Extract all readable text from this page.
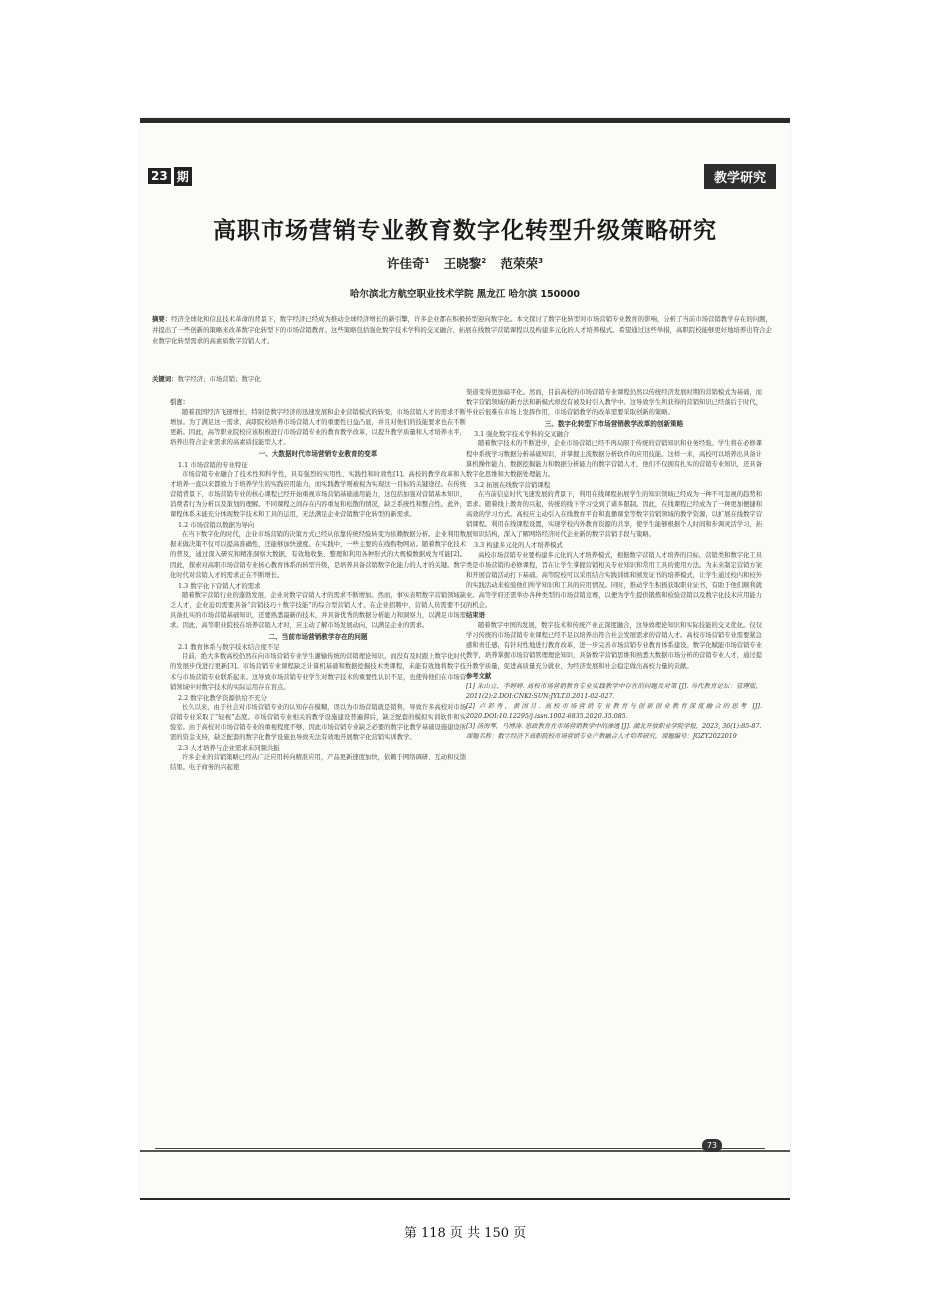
23 期	教学研究
高职市场营销专业教育数字化转型升级策略研究
许佳奇$^1$ 王晓黎$^2$ 范荣荣$^3$
哈尔滨北方航空职业技术学院 黑龙江 哈尔滨 150000
摘要：经济全球化和信息技术革命的背景下，数字经济已经成为推动全球经济增长的新引擎，许多企业都在积极转型迎向数字化。本文探讨了数字化转型对市场营销专业教育的影响，分析了当前市场营销教学存在的问题，并提出了一些创新的策略来改革数字化转型下的市场营销教育。这些策略包括强化数字技术学科的交叉融合、拓展在线数字营销课程以及构建多元化的人才培养模式。希望通过这些举措，高职院校能够更好地培养出符合企业数字化转型需求的高素质数字营销人才。
关键词：数字经济；市场营销；数字化

引言：

随着我国经济飞速增长，特别是数字经济的迅速发展和企业营销模式的转变，市场营销人才的需求不断增加。为了满足这一需求，高职院校培养市场营销人才的重要性日益凸显，并且对他们的技能要求也在不断更新。因此，高等职业院校应该积极进行市场营销专业的教育教学改革，以提升教学质量和人才培养水平，培养出符合企业需求的高素质技能型人才。

一、大数据时代市场营销专业教育的变革

1.1 市场营销的专业特征

市场营销专业融合了技术性和科学性，具有强烈的实用性、实践性和时效性[1]。高校的教学改革和人才培养一直以来都致力于培养学生的实践应用能力，而实践教学则被视为实现这一目标的关键途径。在传统营销背景下，市场营销专业的核心课程已经开始重视市场营销基础通用能力，这包括加强对营销基本知识、消费者行为分析以及策划的理解。不同课程之间存在内容重复和松散的情况，缺乏系统性和整合性。此外，课程体系未能充分体现数字技术和工具的运用，无法满足企业营销数字化转型的新需求。

1.2 市场营销以数据为导向

在当下数字化的时代，企业市场营销的决策方式已经从依靠传统经验转变为依赖数据分析。企业利用数据来做决策不仅可以提高准确性，还能够加快速度。在实践中，一些主要的在线购物网站。随着数字化技术的普及，通过深入研究和精准洞察大数据，有效地收集、整理和利用各种形式的大规模数据成为可能[2]。因此，探索对高职市场营销专业核心教育体系的转型升级，是培养具备营销数字化能力的人才的关键。数字化时代对营销人才的需求正在不断增长。

1.3 数字化下营销人才的需求

随着数字营销行业的蓬勃发展，企业对数字营销人才的需求不断增加。然而，事实表明数字营销领域缺乏人才，企业迫切需要具备“营销技巧＋数字技能”的综合型营销人才。在企业招聘中，营销人员需要不仅具备扎实的市场营销基础知识，还要熟悉最新的技术，并具备优秀的数据分析能力和洞察力，以满足市场需求。因此，高等职业院校在培养营销人才时，应主动了解市场发展动向，以满足企业的需求。

二、当前市场营销教学存在的问题

2.1 教育体系与数字技术结合度不足

目前，绝大多数高校仍然在向市场营销专业学生灌输传统的营销理论知识，而没有及时跟上数字化时代的发展步伐进行更新[3]。市场营销专业课程缺乏计算机基础和数据挖掘技术类课程，未能有效地将数字技术与市场营销专业联系起来。这导致市场营销专业学生对数字技术的重要性认识不足，也使得他们在市场营销领域中对数字技术的实际运用存在盲点。

2.2 数字化教学资源供给不充分

长久以来，由于社会对市场营销专业的认知存在模糊，误以为市场营销就是销售，导致许多高校对市场营销专业采取了“轻视”态度。市场营销专业相关的教学设施建设普遍滞后，缺乏配套的模拟实训软件和实验室。由于高校对市场营销专业的重视程度不够，因此市场营销专业缺乏必要的数字化教学基础设施建设所需的资金支持，缺乏配套的数字化教学设施也导致无法有效地开展数字化营销实训教学。

2.3 人才培养与企业需求未同频共振

许多企业的营销策略已经从广泛应用转向精准应用，产品更新速度加快，依赖于网络调研、互动和反馈结果。电子商务的兴起使

渠道变得更加扁平化。然而，目前高校的市场营销专业课程仍然以传统经济发展时期的营销模式为基础，而数字营销领域的新方法和新模式却没有被及时引入教学中。这导致学生所获得的营销知识已经落后于时代，毕业后很难在市场上发挥作用，市场营销教学的改革需要采取创新的策略。

三、数字化转型下市场营销教学改革的创新策略

3.1 强化数字技术学科的交叉融合

随着数字技术的不断进步，企业市场营销已经不再局限于传统的营销知识和业务经验。学生将在必修课程中系统学习数据分析基础知识，并掌握主流数据分析软件的应用技能。这样一来，高校可以培养出具备计算机操作能力、数据挖掘能力和数据分析能力的数字营销人才，他们不仅拥有扎实的营销专业知识，还具备数字化思维和大数据处理能力。

3.2 拓展在线数字营销课程

在当前信息时代飞速发展的背景下，利用在线课程拓展学生的知识领域已经成为一种不可忽视的趋势和需求。随着线上教育的兴起，传统的线下学习受到了诸多限制。因此，在线课程已经成为了一种更加便捷和高效的学习方式。高校应主动引入在线教育平台和直播课堂等数字营销领域的教学资源，以扩展在线数字营销课程。利用在线课程设置，实现学校内外教育资源的共享，使学生能够根据个人时间和步调灵活学习，拓展知识结构，深入了解网络经济时代企业新的数字营销手段与策略。

3.3 构建多元化的人才培养模式

高校市场营销专业要构建多元化的人才培养模式，根据数字营销人才培养的目标，营销类和数字化工具类是市场营销的必修课程，旨在让学生掌握营销相关专业知识和常用工具的使用方法。为未来制定营销方案和开展营销活动打下基础。高等院校可以采用结合实践训练和颁发证书的培养模式，让学生通过校内和校外的实践活动来检验他们所学知识和工具的应用情况。同时，推动学生积极获取职业证书，有助于他们顺利就业。高等学府还需举办各种类型的市场营销竞赛，以便为学生提供锻炼和检验营销以及数字化技术应用能力的机会。

结束语

随着数字中国的发展，数字技术和传统产业正深度融合，这导致理论知识和实际技能的交叉优化。仅仅学习传统的市场营销专业课程已经不足以培养出符合社会发展需求的营销人才。高校市场营销专业需要紧急感和责任感，有针对性地进行教育改革，进一步完善市场营销专业教育体系建设。数字化赋能市场营销专业教学，培养掌握市场营销管理理论知识、具备数字营销思维和熟悉大数据市场分析的营销专业人才，通过提升教学质量，促进高质量充分就业，为经济发展和社会稳定做出高校力量的贡献。

参考文献

[1] 朱山立，李婷婷. 高校市场营销教育专业实践教学中存在的问题及对策 [J]. 当代教育论坛：管理版，2011(2):2.DOI:CNKI:SUN:JYLT.0.2011-02-027.

[2] 卢彩秀，黄国月. 高校市场营销专业教育与创新创业教育深度融合的思考 [J]. 2020.DOI:10.12295/j.issn.1002-6835.2020.35.085.

[3] 汤海琴，马博涛. 思政教育在市场营销教学中的渗透 [J]. 湖北开放职业学院学报，2023, 36(1):85-87.

课题名称：数字经济下高职院校市场营销专业产教融合人才培养研究，课题编号：JGZY2022019

73
第 118 页 共 150 页
